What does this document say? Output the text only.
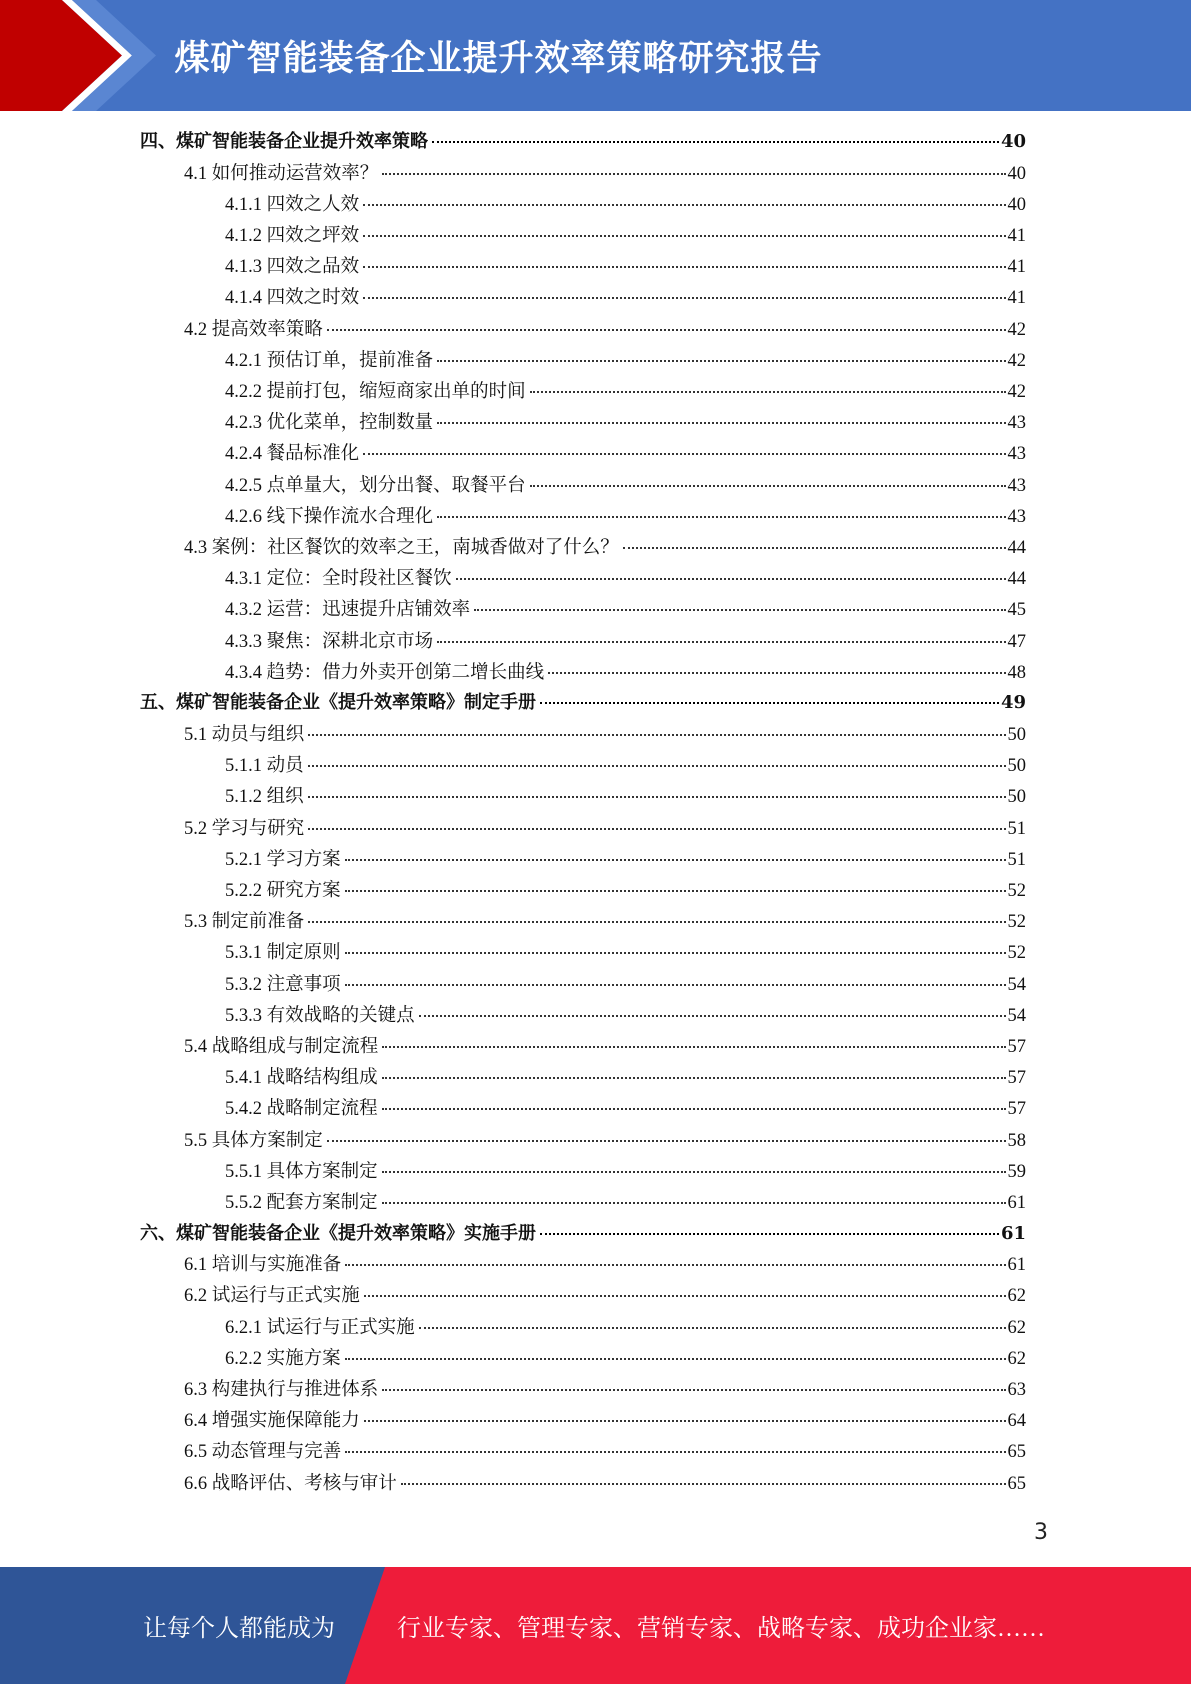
煤矿智能装备企业提升效率策略研究报告
四、煤矿智能装备企业提升效率策略	40
4.1 如何推动运营效率？	40
4.1.1 四效之人效	40
4.1.2 四效之坪效	41
4.1.3 四效之品效	41
4.1.4 四效之时效	41
4.2 提高效率策略	42
4.2.1 预估订单，提前准备	42
4.2.2 提前打包，缩短商家出单的时间	42
4.2.3 优化菜单，控制数量	43
4.2.4 餐品标准化	43
4.2.5 点单量大，划分出餐、取餐平台	43
4.2.6 线下操作流水合理化	43
4.3 案例：社区餐饮的效率之王，南城香做对了什么？	44
4.3.1 定位：全时段社区餐饮	44
4.3.2 运营：迅速提升店铺效率	45
4.3.3 聚焦：深耕北京市场	47
4.3.4 趋势：借力外卖开创第二增长曲线	48
五、煤矿智能装备企业《提升效率策略》制定手册	49
5.1 动员与组织	50
5.1.1 动员	50
5.1.2 组织	50
5.2 学习与研究	51
5.2.1 学习方案	51
5.2.2 研究方案	52
5.3 制定前准备	52
5.3.1 制定原则	52
5.3.2 注意事项	54
5.3.3 有效战略的关键点	54
5.4 战略组成与制定流程	57
5.4.1 战略结构组成	57
5.4.2 战略制定流程	57
5.5 具体方案制定	58
5.5.1 具体方案制定	59
5.5.2 配套方案制定	61
六、煤矿智能装备企业《提升效率策略》实施手册	61
6.1 培训与实施准备	61
6.2 试运行与正式实施	62
6.2.1 试运行与正式实施	62
6.2.2 实施方案	62
6.3 构建执行与推进体系	63
6.4 增强实施保障能力	64
6.5 动态管理与完善	65
6.6 战略评估、考核与审计	65
3
让每个人都能成为	行业专家、管理专家、营销专家、战略专家、成功企业家……
